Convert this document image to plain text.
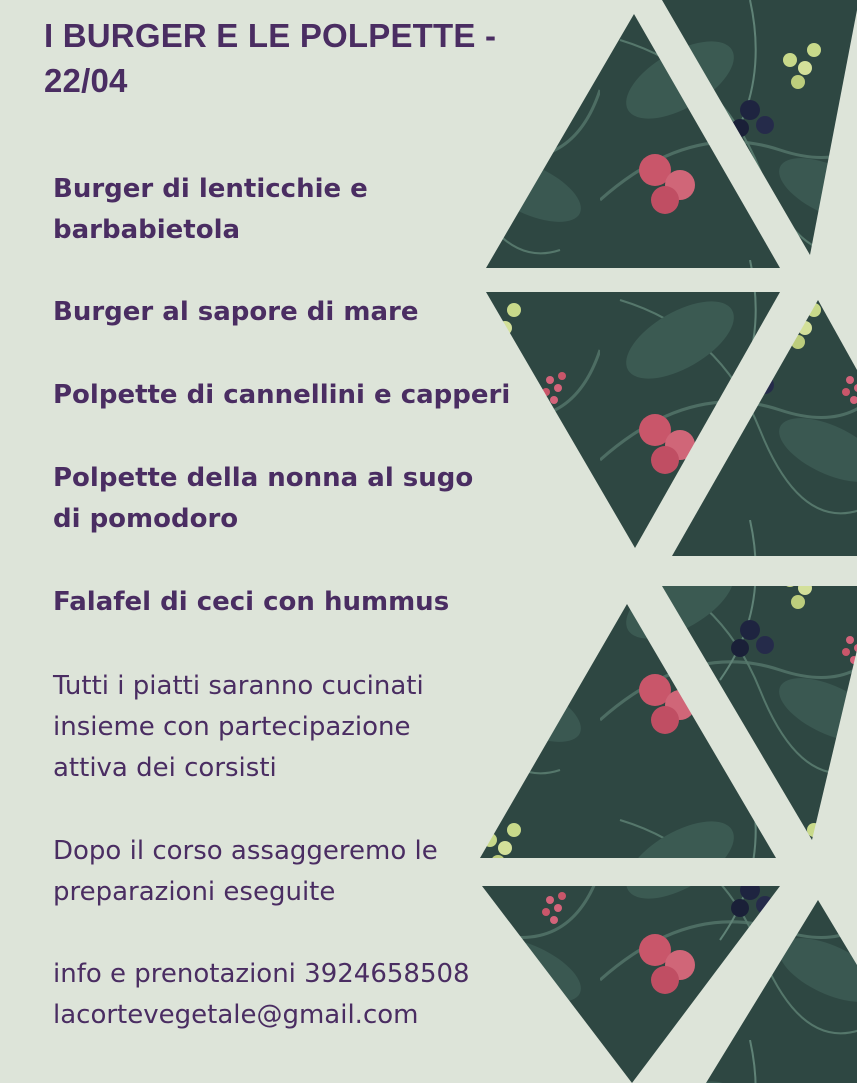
I BURGER E LE POLPETTE - 22/04

Burger di lenticchie e barbabietola

Burger al sapore di mare

Polpette di cannellini e capperi

Polpette della nonna al sugo di pomodoro

Falafel di ceci con hummus

Tutti i piatti saranno cucinati insieme con partecipazione attiva dei corsisti

Dopo il corso assaggeremo le preparazioni eseguite

info e prenotazioni 3924658508

lacortevegetale@gmail.com
